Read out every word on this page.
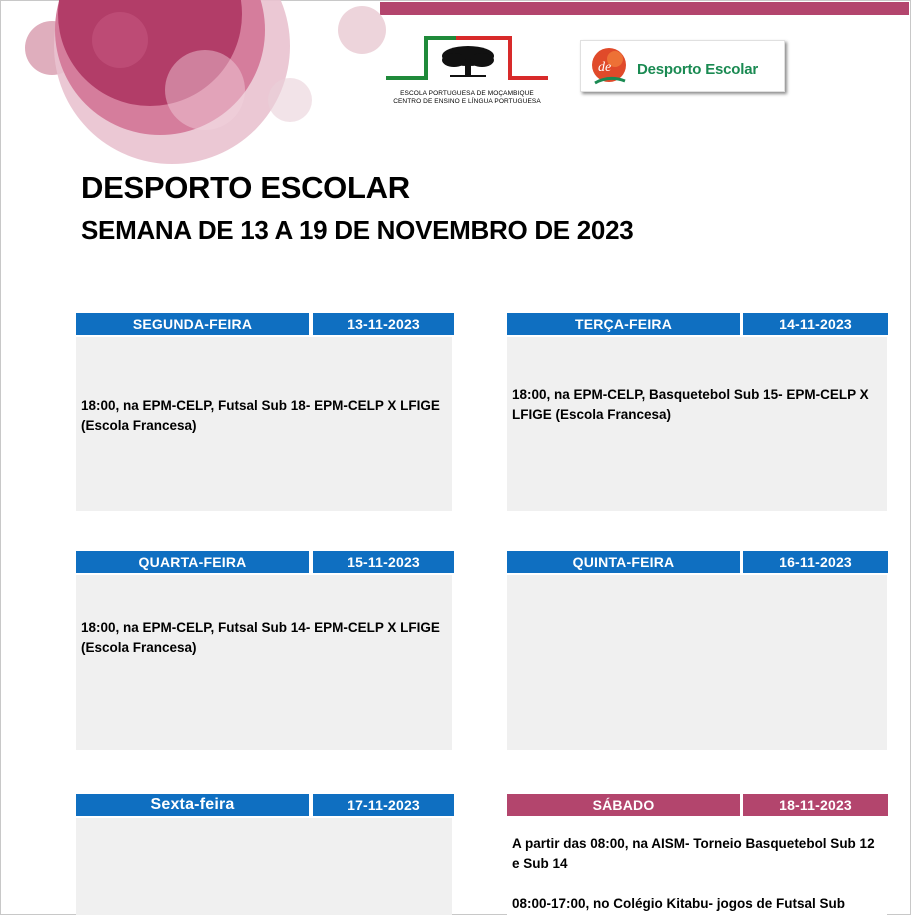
ESCOLA PORTUGUESA DE MOÇAMBIQUE
CENTRO DE ENSINO E LÍNGUA PORTUGUESA
de Desporto Escolar
DESPORTO ESCOLAR
SEMANA DE 13 A 19 DE NOVEMBRO DE 2023
SEGUNDA-FEIRA	13-11-2023
18:00, na EPM-CELP, Futsal Sub 18- EPM-CELP X LFIGE (Escola Francesa)
TERÇA-FEIRA	14-11-2023
18:00, na EPM-CELP, Basquetebol Sub 15- EPM-CELP X LFIGE (Escola Francesa)
QUARTA-FEIRA	15-11-2023
18:00, na EPM-CELP, Futsal Sub 14- EPM-CELP X LFIGE (Escola Francesa)
QUINTA-FEIRA	16-11-2023
Sexta-feira	17-11-2023	SÁBADO	18-11-2023
A partir das 08:00, na AISM- Torneio Basquetebol Sub 12 e Sub 14
08:00-17:00, no Colégio Kitabu- jogos de Futsal Sub
